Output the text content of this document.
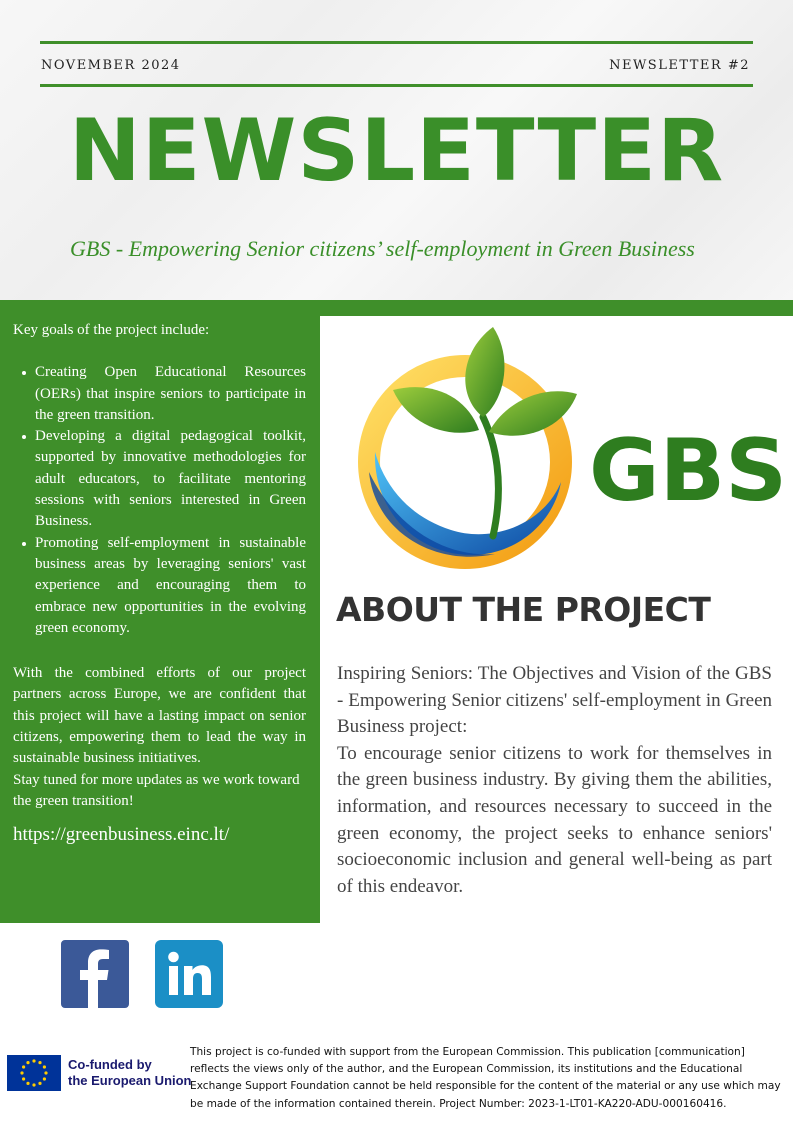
NOVEMBER 2024	NEWSLETTER #2
NEWSLETTER
GBS - Empowering Senior citizens’ self-employment in Green Business
Key goals of the project include:
Creating Open Educational Resources (OERs) that inspire seniors to participate in the green transition.
Developing a digital pedagogical toolkit, supported by innovative methodologies for adult educators, to facilitate mentoring sessions with seniors interested in Green Business.
Promoting self-employment in sustainable business areas by leveraging seniors' vast experience and encouraging them to embrace new opportunities in the evolving green economy.
With the combined efforts of our project partners across Europe, we are confident that this project will have a lasting impact on senior citizens, empowering them to lead the way in sustainable business initiatives.
Stay tuned for more updates as we work toward the green transition!
https://greenbusiness.einc.lt/
GBS
ABOUT THE PROJECT
Inspiring Seniors: The Objectives and Vision of the GBS - Empowering Senior citizens' self-employment in Green Business project:
To encourage senior citizens to work for themselves in the green business industry. By giving them the abilities, information, and resources necessary to succeed in the green economy, the project seeks to enhance seniors' socioeconomic inclusion and general well-being as part of this endeavor.
Co-funded by
the European Union
This project is co-funded with support from the European Commission. This publication [communication] reflects the views only of the author, and the European Commission, its institutions and the Educational Exchange Support Foundation cannot be held responsible for the content of the material or any use which may be made of the information contained therein. Project Number: 2023-1-LT01-KA220-ADU-000160416.
